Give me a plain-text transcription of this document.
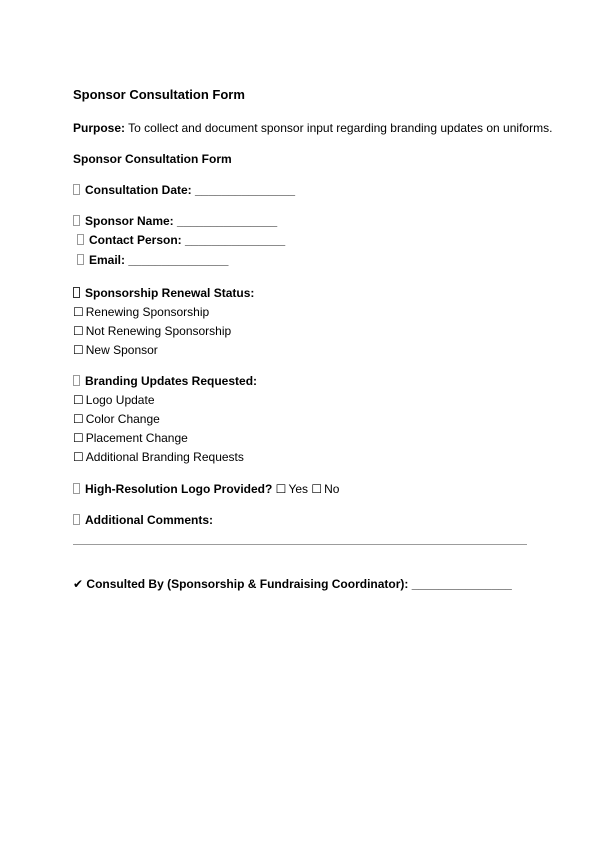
Sponsor Consultation Form
Purpose: To collect and document sponsor input regarding branding updates on uniforms.
Sponsor Consultation Form
Consultation Date: _______________
Sponsor Name: _______________
Contact Person: _______________
Email: _______________
Sponsorship Renewal Status:
☐ Renewing Sponsorship
☐ Not Renewing Sponsorship
☐ New Sponsor
Branding Updates Requested:
☐ Logo Update
☐ Color Change
☐ Placement Change
☐ Additional Branding Requests
High-Resolution Logo Provided? ☐ Yes ☐ No
Additional Comments:
✔ Consulted By (Sponsorship & Fundraising Coordinator): _______________
